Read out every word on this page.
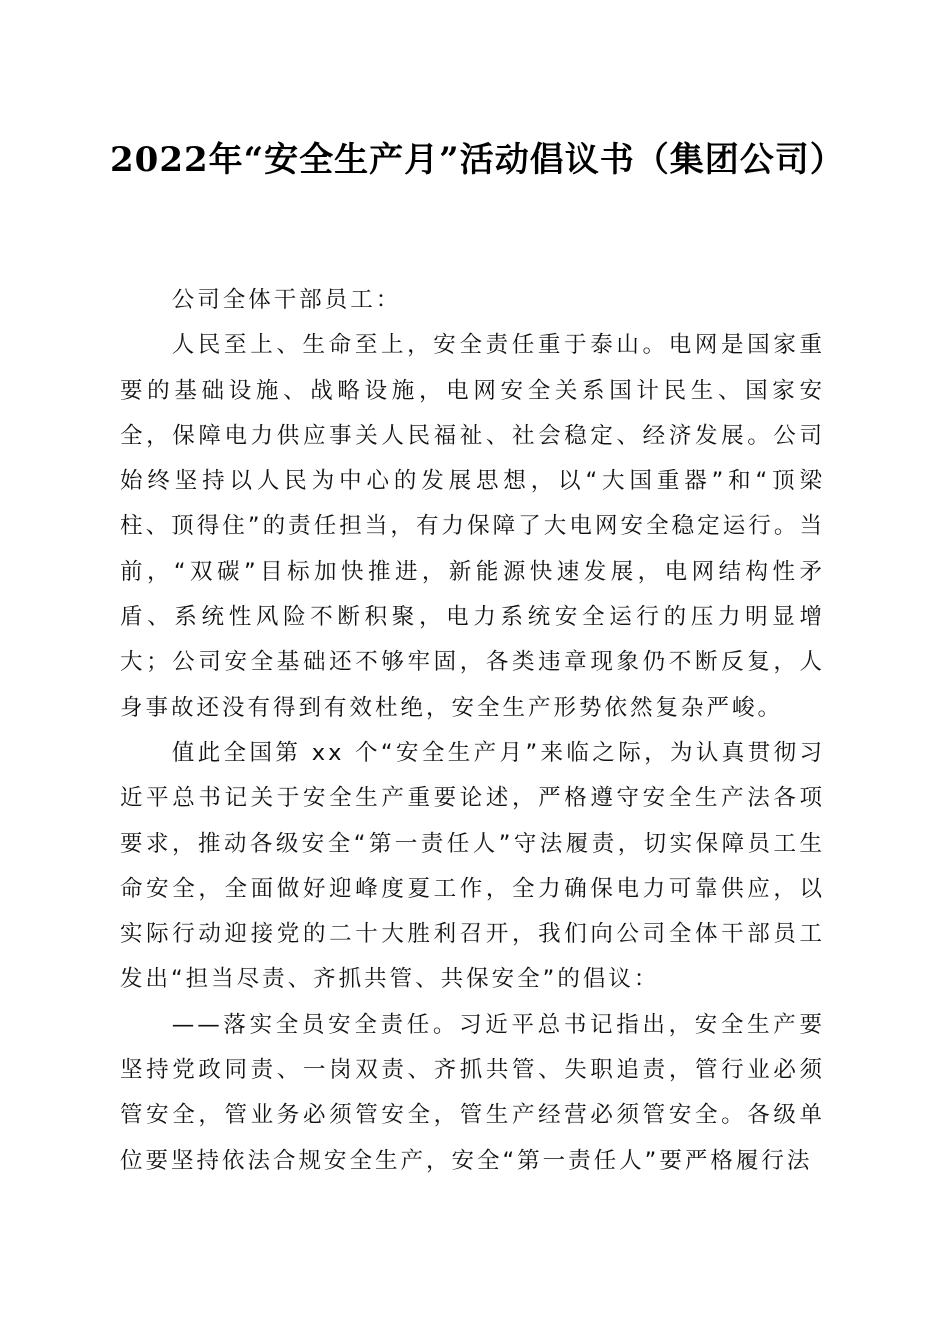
2022年“安全生产月”活动倡议书（集团公司）

公司全体干部员工：

人民至上、生命至上，安全责任重于泰山。电网是国家重要的基础设施、战略设施，电网安全关系国计民生、国家安全，保障电力供应事关人民福祉、社会稳定、经济发展。公司始终坚持以人民为中心的发展思想，以“大国重器”和“顶梁柱、顶得住”的责任担当，有力保障了大电网安全稳定运行。当前，“双碳”目标加快推进，新能源快速发展，电网结构性矛盾、系统性风险不断积聚，电力系统安全运行的压力明显增大；公司安全基础还不够牢固，各类违章现象仍不断反复，人身事故还没有得到有效杜绝，安全生产形势依然复杂严峻。

值此全国第 xx 个“安全生产月”来临之际，为认真贯彻习近平总书记关于安全生产重要论述，严格遵守安全生产法各项要求，推动各级安全“第一责任人”守法履责，切实保障员工生命安全，全面做好迎峰度夏工作，全力确保电力可靠供应，以实际行动迎接党的二十大胜利召开，我们向公司全体干部员工发出“担当尽责、齐抓共管、共保安全”的倡议：

——落实全员安全责任。习近平总书记指出，安全生产要坚持党政同责、一岗双责、齐抓共管、失职追责，管行业必须管安全，管业务必须管安全，管生产经营必须管安全。各级单位要坚持依法合规安全生产，安全“第一责任人”要严格履行法
